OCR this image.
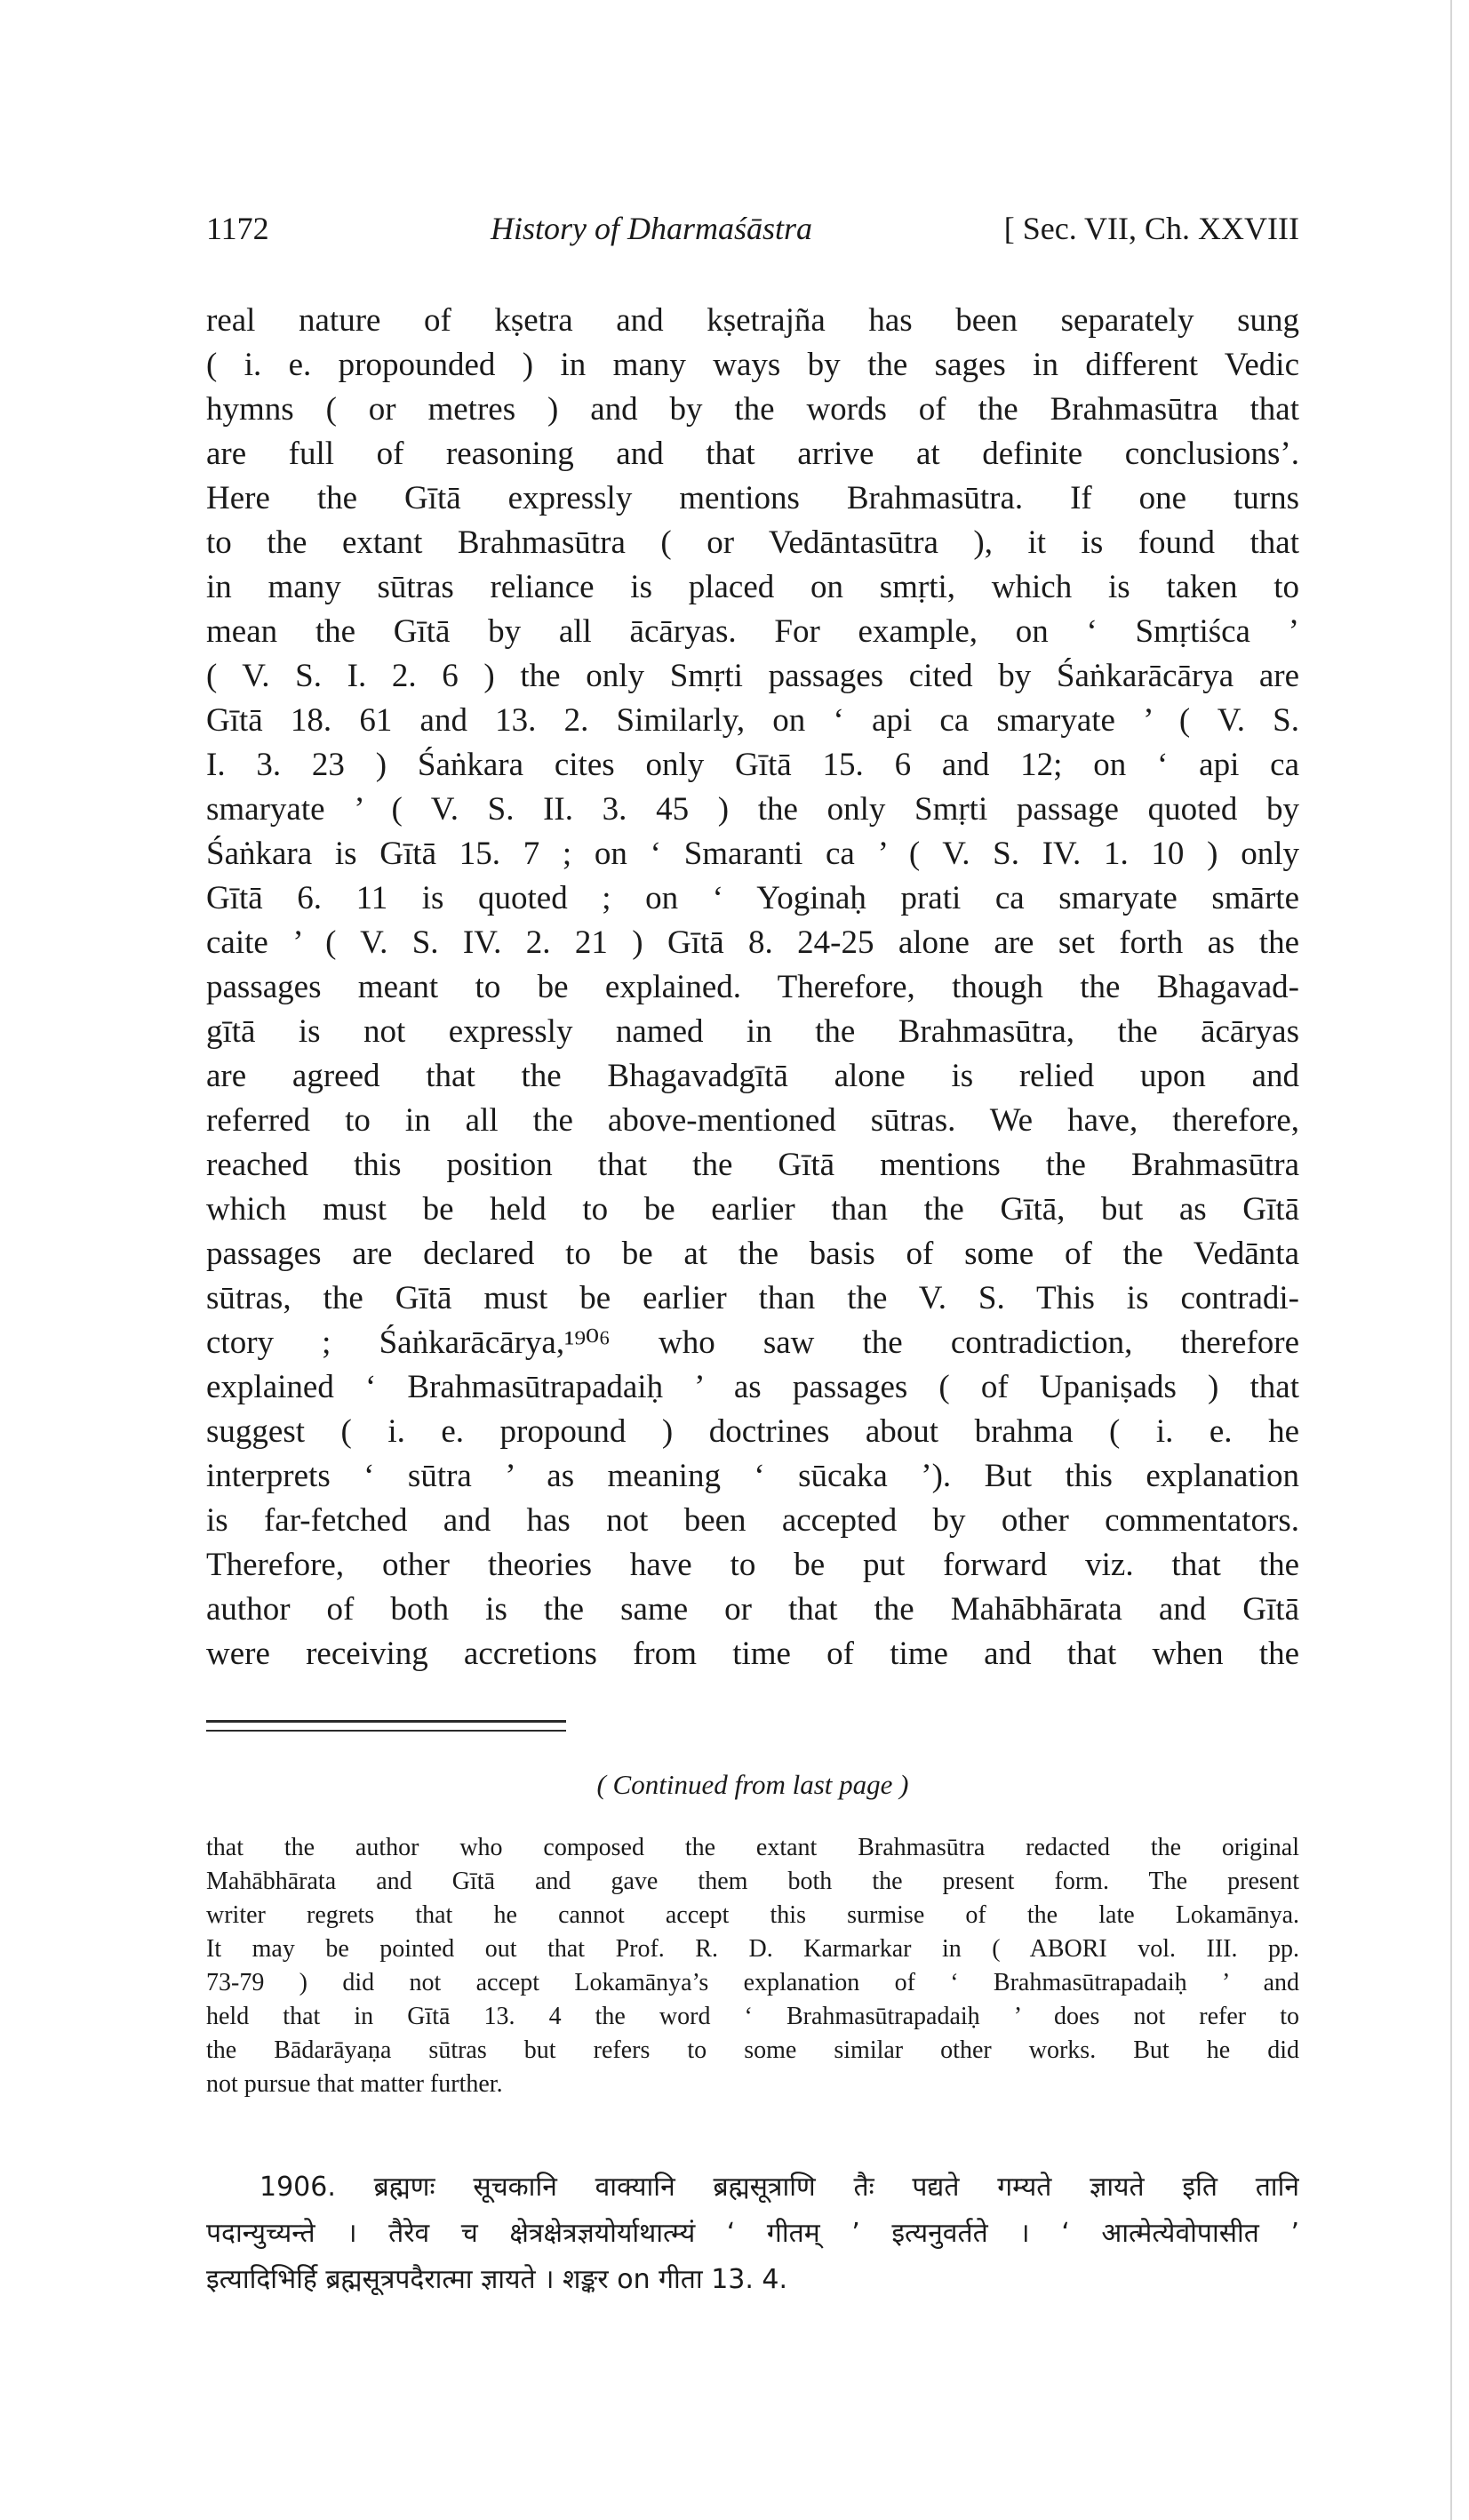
1172	History of Dharmaśāstra	[ Sec. VII, Ch. XXVIII
real nature of kṣetra and kṣetrajña has been separately sung
( i. e. propounded ) in many ways by the sages in different Vedic
hymns ( or metres ) and by the words of the Brahmasūtra that
are full of reasoning and that arrive at definite conclusions’.
Here the Gītā expressly mentions Brahmasūtra. If one turns
to the extant Brahmasūtra ( or Vedāntasūtra ), it is found that
in many sūtras reliance is placed on smṛti, which is taken to
mean the Gītā by all ācāryas. For example, on ‘ Smṛtiśca ’
( V. S. I. 2. 6 ) the only Smṛti passages cited by Śaṅkarācārya are
Gītā 18. 61 and 13. 2. Similarly, on ‘ api ca smaryate ’ ( V. S.
I. 3. 23 ) Śaṅkara cites only Gītā 15. 6 and 12; on ‘ api ca
smaryate ’ ( V. S. II. 3. 45 ) the only Smṛti passage quoted by
Śaṅkara is Gītā 15. 7 ; on ‘ Smaranti ca ’ ( V. S. IV. 1. 10 ) only
Gītā 6. 11 is quoted ; on ‘ Yoginaḥ prati ca smaryate smārte
caite ’ ( V. S. IV. 2. 21 ) Gītā 8. 24-25 alone are set forth as the
passages meant to be explained. Therefore, though the Bhagavad-
gītā is not expressly named in the Brahmasūtra, the ācāryas
are agreed that the Bhagavadgītā alone is relied upon and
referred to in all the above-mentioned sūtras. We have, therefore,
reached this position that the Gītā mentions the Brahmasūtra
which must be held to be earlier than the Gītā, but as Gītā
passages are declared to be at the basis of some of the Vedānta
sūtras, the Gītā must be earlier than the V. S. This is contradi-
ctory ; Śaṅkarācārya,¹⁹⁰⁶ who saw the contradiction, therefore
explained ‘ Brahmasūtrapadaiḥ ’ as passages ( of Upaniṣads ) that
suggest ( i. e. propound ) doctrines about brahma ( i. e. he
interprets ‘ sūtra ’ as meaning ‘ sūcaka ’). But this explanation
is far-fetched and has not been accepted by other commentators.
Therefore, other theories have to be put forward viz. that the
author of both is the same or that the Mahābhārata and Gītā
were receiving accretions from time of time and that when the
( Continued from last page )
that the author who composed the extant Brahmasūtra redacted the original
Mahābhārata and Gītā and gave them both the present form. The present
writer regrets that he cannot accept this surmise of the late Lokamānya.
It may be pointed out that Prof. R. D. Karmarkar in ( ABORI vol. III. pp.
73-79 ) did not accept Lokamānya’s explanation of ‘ Brahmasūtrapadaiḥ ’ and
held that in Gītā 13. 4 the word ‘ Brahmasūtrapadaiḥ ’ does not refer to
the Bādarāyaṇa sūtras but refers to some similar other works. But he did
not pursue that matter further.
1906. ब्रह्मणः सूचकानि वाक्यानि ब्रह्मसूत्राणि तैः पद्यते गम्यते ज्ञायते इति तानि
पदान्युच्यन्ते । तैरेव च क्षेत्रक्षेत्रज्ञयोर्याथात्म्यं ‘ गीतम् ’ इत्यनुवर्तते । ‘ आत्मेत्येवोपासीत ’
इत्यादिभिर्हि ब्रह्मसूत्रपदैरात्मा ज्ञायते । शङ्कर on गीता 13. 4.
